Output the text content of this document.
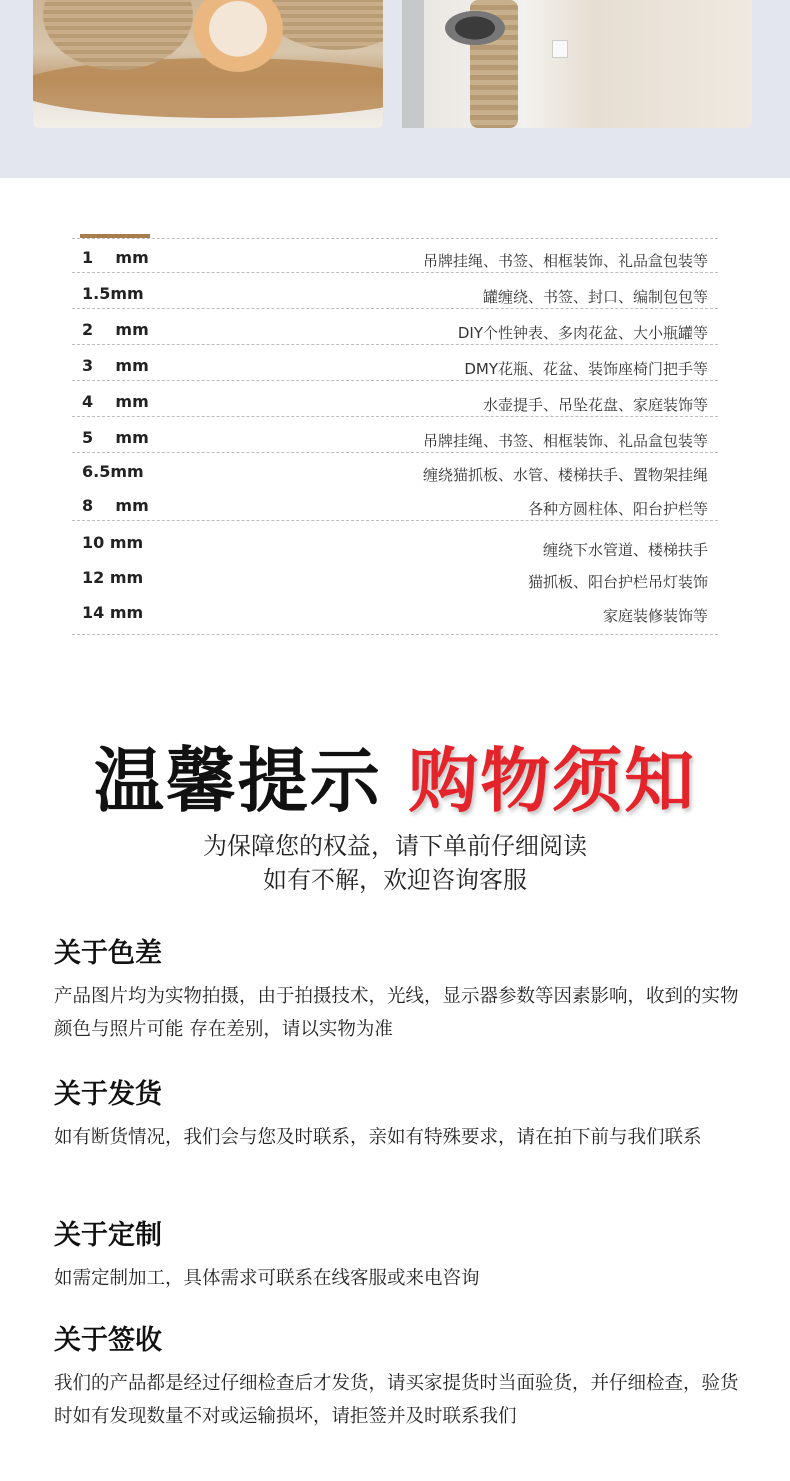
1    mm	吊牌挂绳、书签、相框装饰、礼品盒包装等
1.5mm	罐缠绕、书签、封口、编制包包等
2    mm	DIY个性钟表、多肉花盆、大小瓶罐等
3    mm	DMY花瓶、花盆、装饰座椅门把手等
4    mm	水壶提手、吊坠花盘、家庭装饰等
5    mm	吊牌挂绳、书签、相框装饰、礼品盒包装等
6.5mm	缠绕猫抓板、水管、楼梯扶手、置物架挂绳
8    mm	各种方圆柱体、阳台护栏等
10 mm	缠绕下水管道、楼梯扶手
12 mm	猫抓板、阳台护栏吊灯装饰
14 mm	家庭装修装饰等
温馨提示 购物须知
为保障您的权益，请下单前仔细阅读
如有不解，欢迎咨询客服
关于色差

产品图片均为实物拍摄，由于拍摄技术，光线，显示器参数等因素影响，收到的实物颜色与照片可能 存在差别，请以实物为准

关于发货

如有断货情况，我们会与您及时联系，亲如有特殊要求，请在拍下前与我们联系

关于定制

如需定制加工，具体需求可联系在线客服或来电咨询

关于签收

我们的产品都是经过仔细检查后才发货，请买家提货时当面验货，并仔细检查，验货时如有发现数量不对或运输损坏，请拒签并及时联系我们
